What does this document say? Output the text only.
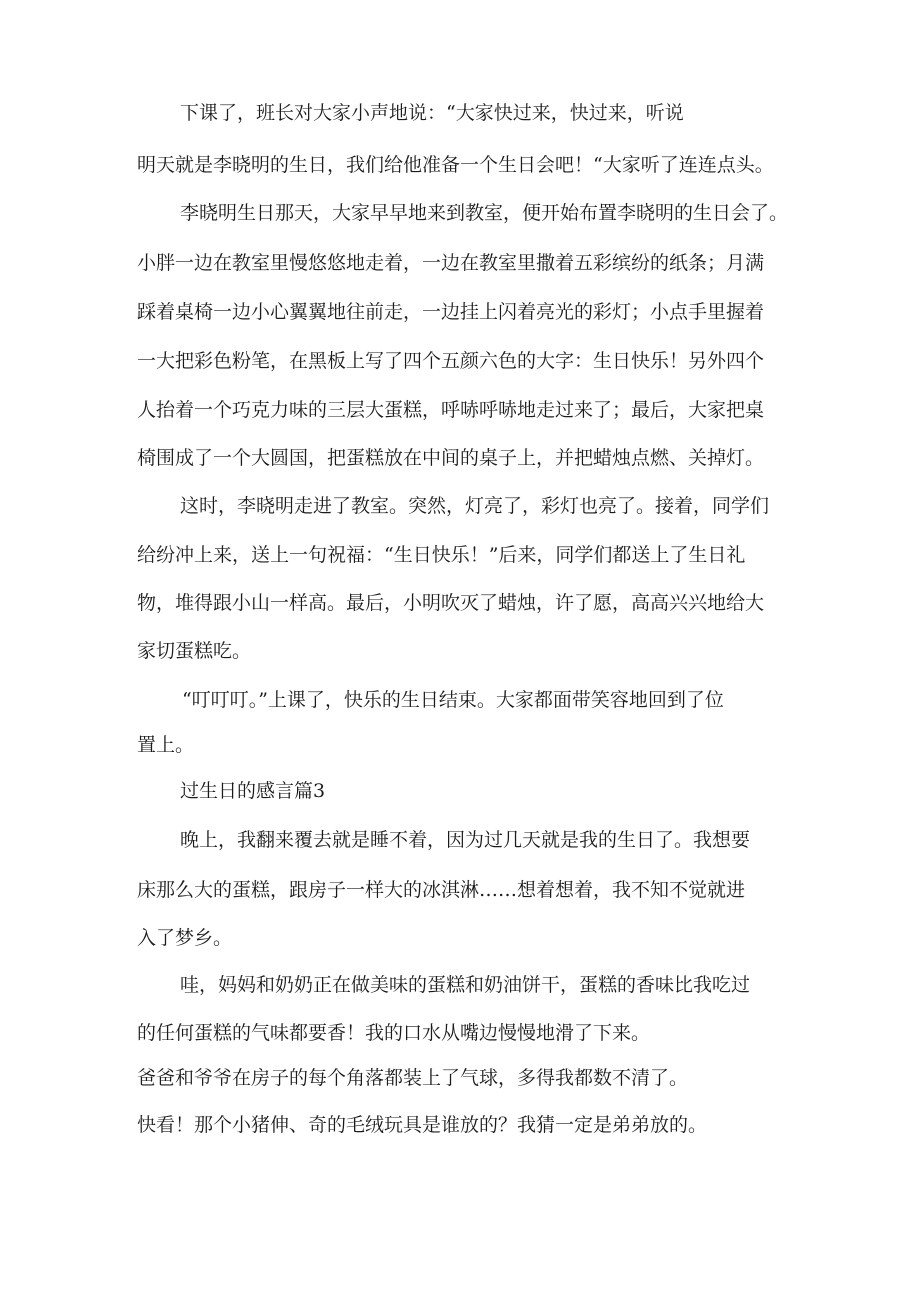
下课了，班长对大家小声地说：“大家快过来，快过来，听说
明天就是李晓明的生日，我们给他准备一个生日会吧！“大家听了连连点头。
李晓明生日那天，大家早早地来到教室，便开始布置李晓明的生日会了。
小胖一边在教室里慢悠悠地走着，一边在教室里撒着五彩缤纷的纸条；月满
踩着桌椅一边小心翼翼地往前走，一边挂上闪着亮光的彩灯；小点手里握着
一大把彩色粉笔，在黑板上写了四个五颜六色的大字：生日快乐！另外四个
人抬着一个巧克力味的三层大蛋糕，呼哧呼哧地走过来了；最后，大家把桌
椅围成了一个大圆国，把蛋糕放在中间的桌子上，并把蜡烛点燃、关掉灯。
这时，李晓明走进了教室。突然，灯亮了，彩灯也亮了。接着，同学们
给纷冲上来，送上一句祝福：“生日快乐！”后来，同学们都送上了生日礼
物，堆得跟小山一样高。最后，小明吹灭了蜡烛，许了愿，高高兴兴地给大
家切蛋糕吃。
“叮叮叮。”上课了，快乐的生日结束。大家都面带笑容地回到了位
置上。
过生日的感言篇3
晚上，我翻来覆去就是睡不着，因为过几天就是我的生日了。我想要
床那么大的蛋糕，跟房子一样大的冰淇淋……想着想着，我不知不觉就进
入了梦乡。
哇，妈妈和奶奶正在做美味的蛋糕和奶油饼干，蛋糕的香味比我吃过
的任何蛋糕的气味都要香！我的口水从嘴边慢慢地滑了下来。
爸爸和爷爷在房子的每个角落都装上了气球，多得我都数不清了。
快看！那个小猪伸、奇的毛绒玩具是谁放的？我猜一定是弟弟放的。
